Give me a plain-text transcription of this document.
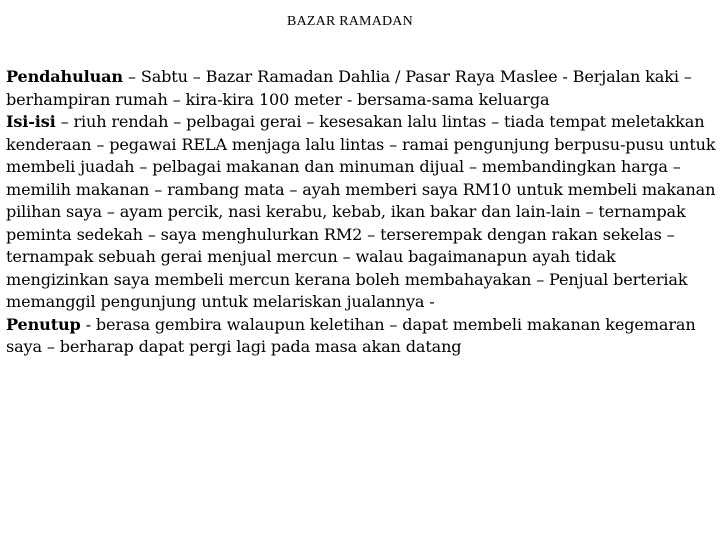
BAZAR RAMADAN

Pendahuluan – Sabtu – Bazar Ramadan Dahlia / Pasar Raya Maslee - Berjalan kaki – berhampiran rumah – kira-kira 100 meter - bersama-sama keluarga

Isi-isi – riuh rendah – pelbagai gerai – kesesakan lalu lintas – tiada tempat meletakkan kenderaan – pegawai RELA menjaga lalu lintas – ramai pengunjung berpusu-pusu untuk membeli juadah – pelbagai makanan dan minuman dijual – membandingkan harga – memilih makanan – rambang mata – ayah memberi saya RM10 untuk membeli makanan pilihan saya – ayam percik, nasi kerabu, kebab, ikan bakar dan lain-lain – ternampak peminta sedekah – saya menghulurkan RM2 – terserempak dengan rakan sekelas – ternampak sebuah gerai menjual mercun – walau bagaimanapun ayah tidak mengizinkan saya membeli mercun kerana boleh membahayakan – Penjual berteriak memanggil pengunjung untuk melariskan jualannya -

Penutup - berasa gembira walaupun keletihan – dapat membeli makanan kegemaran saya – berharap dapat pergi lagi pada masa akan datang
